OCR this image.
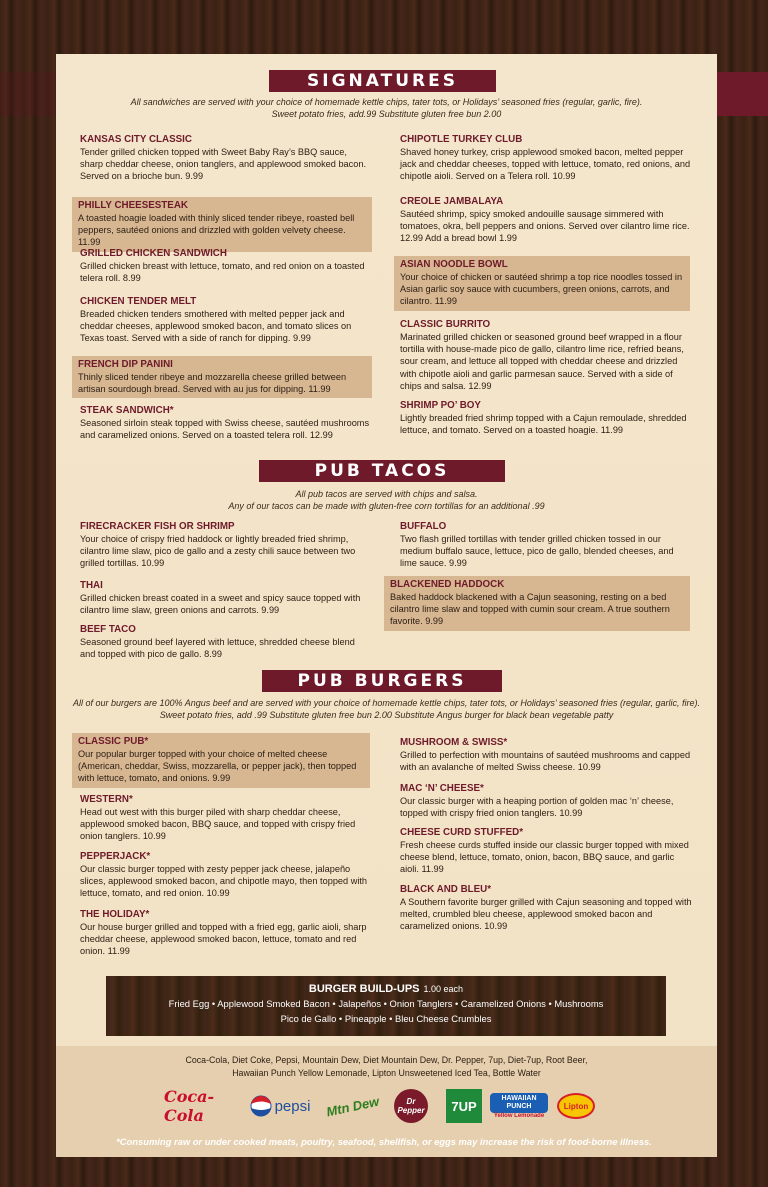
SIGNATURES
All sandwiches are served with your choice of homemade kettle chips, tater tots, or Holidays’ seasoned fries (regular, garlic, fire).
Sweet potato fries, add.99 Substitute gluten free bun 2.00
KANSAS CITY CLASSIC
Tender grilled chicken topped with Sweet Baby Ray’s BBQ sauce, sharp cheddar cheese, onion tanglers, and applewood smoked bacon. Served on a brioche bun. 9.99
PHILLY CHEESESTEAK
A toasted hoagie loaded with thinly sliced tender ribeye, roasted bell peppers, sautéed onions and drizzled with golden velvety cheese. 11.99
GRILLED CHICKEN SANDWICH
Grilled chicken breast with lettuce, tomato, and red onion on a toasted telera roll. 8.99
CHICKEN TENDER MELT
Breaded chicken tenders smothered with melted pepper jack and cheddar cheeses, applewood smoked bacon, and tomato slices on Texas toast. Served with a side of ranch for dipping. 9.99
FRENCH DIP PANINI
Thinly sliced tender ribeye and mozzarella cheese grilled between artisan sourdough bread. Served with au jus for dipping. 11.99
STEAK SANDWICH*
Seasoned sirloin steak topped with Swiss cheese, sautéed mushrooms and caramelized onions. Served on a toasted telera roll. 12.99
CHIPOTLE TURKEY CLUB
Shaved honey turkey, crisp applewood smoked bacon, melted pepper jack and cheddar cheeses, topped with lettuce, tomato, red onions, and chipotle aioli. Served on a Telera roll. 10.99
CREOLE JAMBALAYA
Sautéed shrimp, spicy smoked andouille sausage simmered with tomatoes, okra, bell peppers and onions. Served over cilantro lime rice. 12.99 Add a bread bowl 1.99
ASIAN NOODLE BOWL
Your choice of chicken or sautéed shrimp a top rice noodles tossed in Asian garlic soy sauce with cucumbers, green onions, carrots, and cilantro. 11.99
CLASSIC BURRITO
Marinated grilled chicken or seasoned ground beef wrapped in a flour tortilla with house-made pico de gallo, cilantro lime rice, refried beans, sour cream, and lettuce all topped with cheddar cheese and drizzled with chipotle aioli and garlic parmesan sauce. Served with a side of chips and salsa. 12.99
SHRIMP PO’ BOY
Lightly breaded fried shrimp topped with a Cajun remoulade, shredded lettuce, and tomato. Served on a toasted hoagie. 11.99
PUB TACOS
All pub tacos are served with chips and salsa.
Any of our tacos can be made with gluten-free corn tortillas for an additional .99
FIRECRACKER FISH OR SHRIMP
Your choice of crispy fried haddock or lightly breaded fried shrimp, cilantro lime slaw, pico de gallo and a zesty chili sauce between two grilled tortillas. 10.99
THAI
Grilled chicken breast coated in a sweet and spicy sauce topped with cilantro lime slaw, green onions and carrots. 9.99
BEEF TACO
Seasoned ground beef layered with lettuce, shredded cheese blend and topped with pico de gallo. 8.99
BUFFALO
Two flash grilled tortillas with tender grilled chicken tossed in our medium buffalo sauce, lettuce, pico de gallo, blended cheeses, and lime sauce. 9.99
BLACKENED HADDOCK
Baked haddock blackened with a Cajun seasoning, resting on a bed cilantro lime slaw and topped with cumin sour cream. A true southern favorite. 9.99
PUB BURGERS
All of our burgers are 100% Angus beef and are served with your choice of homemade kettle chips, tater tots, or Holidays’ seasoned fries (regular, garlic, fire).
Sweet potato fries, add .99 Substitute gluten free bun 2.00 Substitute Angus burger for black bean vegetable patty
CLASSIC PUB*
Our popular burger topped with your choice of melted cheese (American, cheddar, Swiss, mozzarella, or pepper jack), then topped with lettuce, tomato, and onions. 9.99
WESTERN*
Head out west with this burger piled with sharp cheddar cheese, applewood smoked bacon, BBQ sauce, and topped with crispy fried onion tanglers. 10.99
PEPPERJACK*
Our classic burger topped with zesty pepper jack cheese, jalapeño slices, applewood smoked bacon, and chipotle mayo, then topped with lettuce, tomato, and red onion. 10.99
THE HOLIDAY*
Our house burger grilled and topped with a fried egg, garlic aioli, sharp cheddar cheese, applewood smoked bacon, lettuce, tomato and red onion. 11.99
MUSHROOM & SWISS*
Grilled to perfection with mountains of sautéed mushrooms and capped with an avalanche of melted Swiss cheese. 10.99
MAC ‘N’ CHEESE*
Our classic burger with a heaping portion of golden mac ‘n’ cheese, topped with crispy fried onion tanglers. 10.99
CHEESE CURD STUFFED*
Fresh cheese curds stuffed inside our classic burger topped with mixed cheese blend, lettuce, tomato, onion, bacon, BBQ sauce, and garlic aioli. 11.99
BLACK AND BLEU*
A Southern favorite burger grilled with Cajun seasoning and topped with melted, crumbled bleu cheese, applewood smoked bacon and caramelized onions. 10.99
BURGER BUILD-UPS 1.00 each
Fried Egg • Applewood Smoked Bacon • Jalapeños • Onion Tanglers • Caramelized Onions • Mushrooms
Pico de Gallo • Pineapple • Bleu Cheese Crumbles
Coca-Cola, Diet Coke, Pepsi, Mountain Dew, Diet Mountain Dew, Dr. Pepper, 7up, Diet-7up, Root Beer,
Hawaiian Punch Yellow Lemonade, Lipton Unsweetened Iced Tea, Bottle Water
Coca-Cola	pepsi Mtn Dew	Dr Pepper 7UP	HAWAIIAN PUNCH
Yellow Lemonade
Lipton
*Consuming raw or under cooked meats, poultry, seafood, shellfish, or eggs may increase the risk of food-borne illness.
